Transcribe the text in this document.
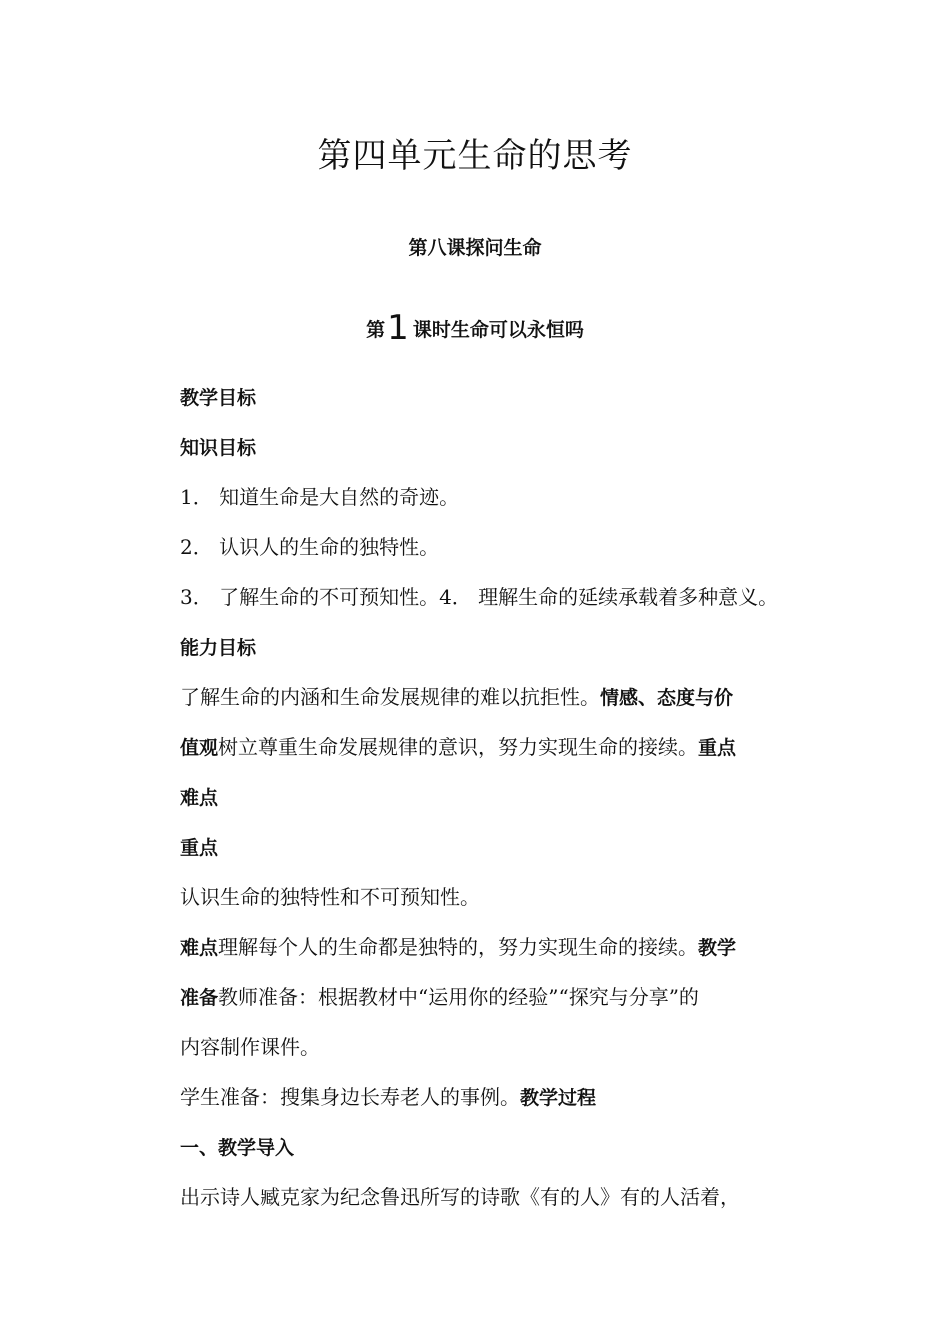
第四单元生命的思考
第八课探问生命
第1 课时生命可以永恒吗
教学目标
知识目标
1． 知道生命是大自然的奇迹。
2． 认识人的生命的独特性。
3． 了解生命的不可预知性。4． 理解生命的延续承载着多种意义。
能力目标
了解生命的内涵和生命发展规律的难以抗拒性。情感、态度与价
值观树立尊重生命发展规律的意识，努力实现生命的接续。重点
难点
重点
认识生命的独特性和不可预知性。
难点理解每个人的生命都是独特的，努力实现生命的接续。教学
准备教师准备：根据教材中“运用你的经验”“探究与分享”的
内容制作课件。
学生准备：搜集身边长寿老人的事例。教学过程
一、教学导入
出示诗人臧克家为纪念鲁迅所写的诗歌《有的人》有的人活着，
